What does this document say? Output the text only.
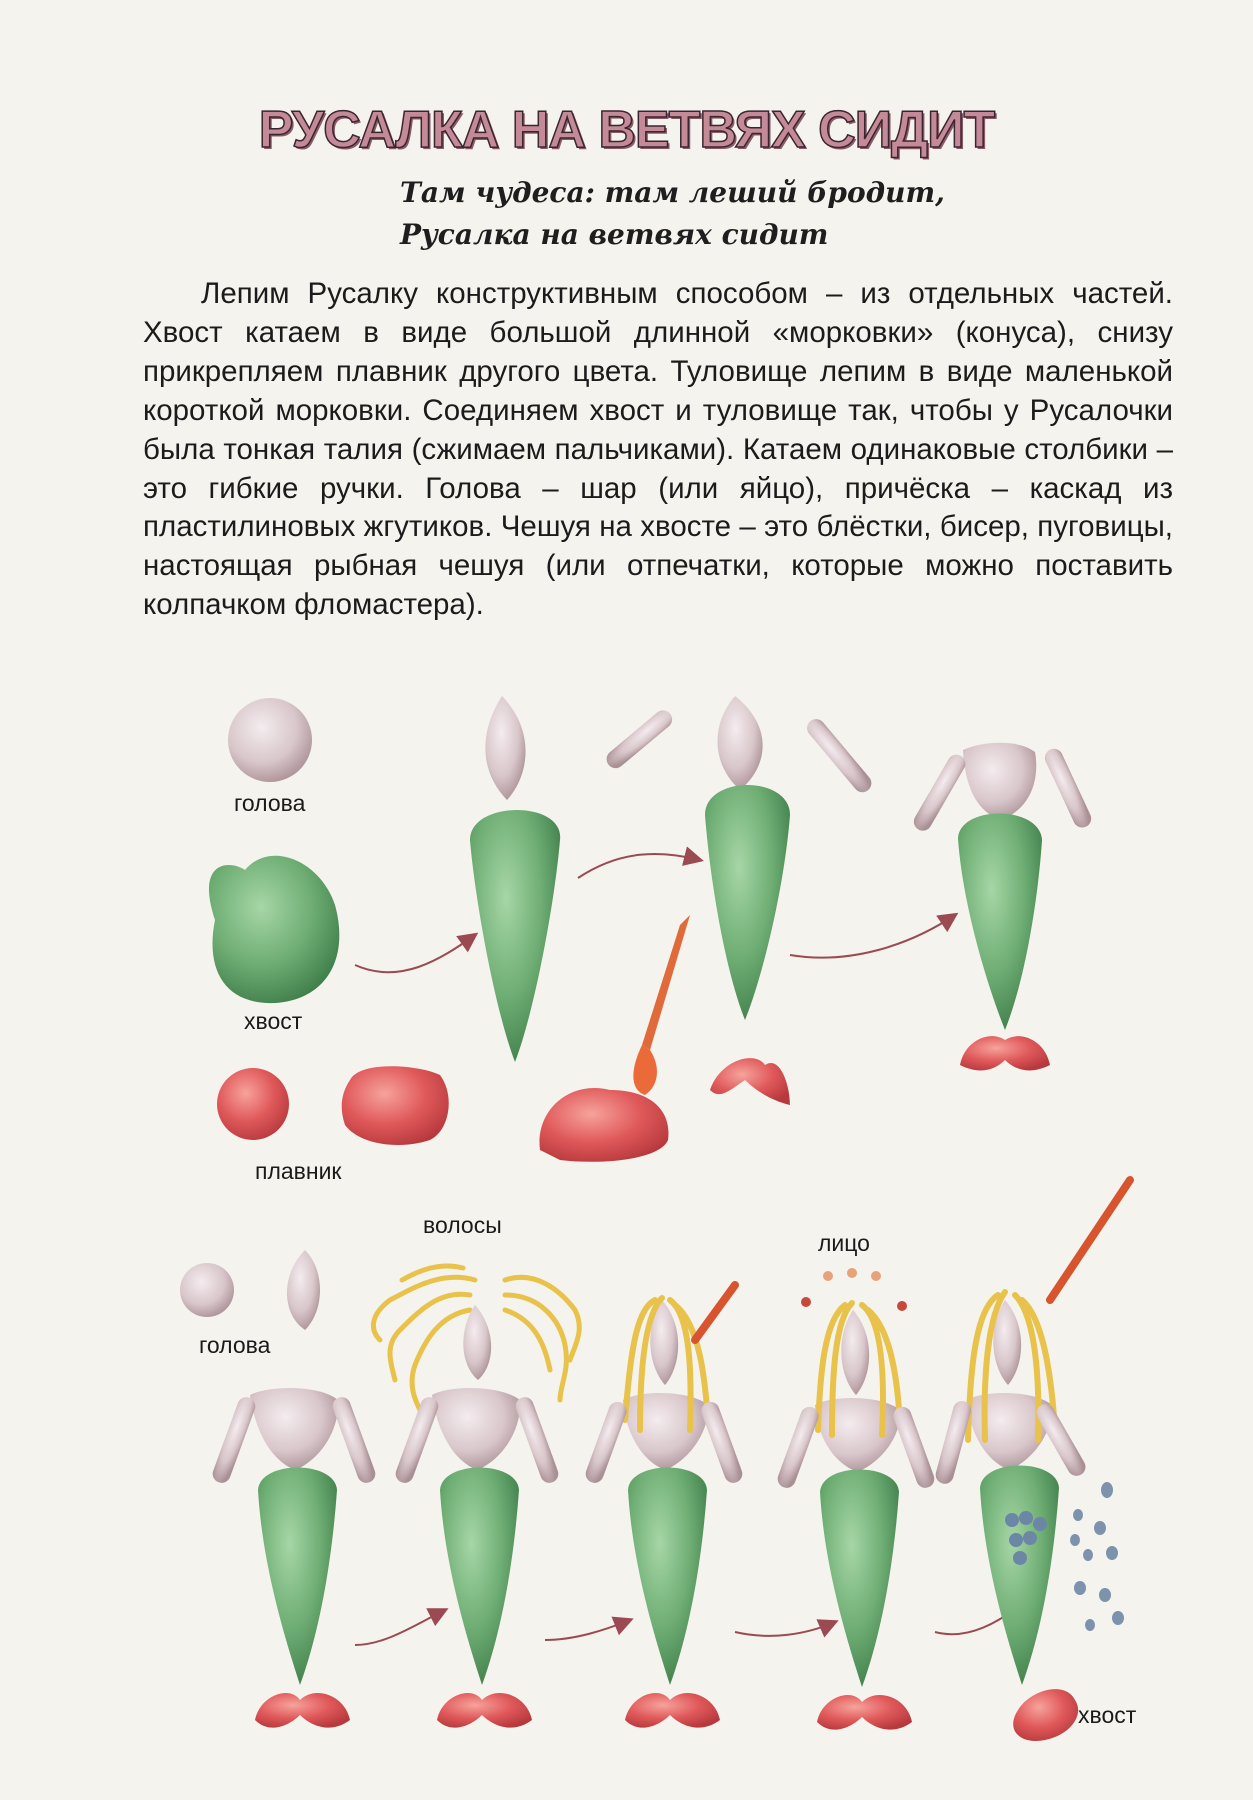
РУСАЛКА НА ВЕТВЯХ СИДИТ
Там чудеса: там леший бродит,
Русалка на ветвях сидит

Лепим Русалку конструктивным способом – из отдельных частей. Хвост катаем в виде большой длинной «морковки» (конуса), снизу прикрепляем плавник другого цвета. Туловище лепим в виде маленькой короткой морковки. Соединяем хвост и туловище так, чтобы у Русалочки была тонкая талия (сжимаем пальчиками). Катаем одинаковые столбики – это гибкие ручки. Голова – шар (или яйцо), причёска – каскад из пластилиновых жгутиков. Чешуя на хвосте – это блёстки, бисер, пуговицы, настоящая рыбная чешуя (или отпечатки, которые можно поставить колпачком фломастера).

голова
хвост
плавник
волосы
лицо
голова
хвост
